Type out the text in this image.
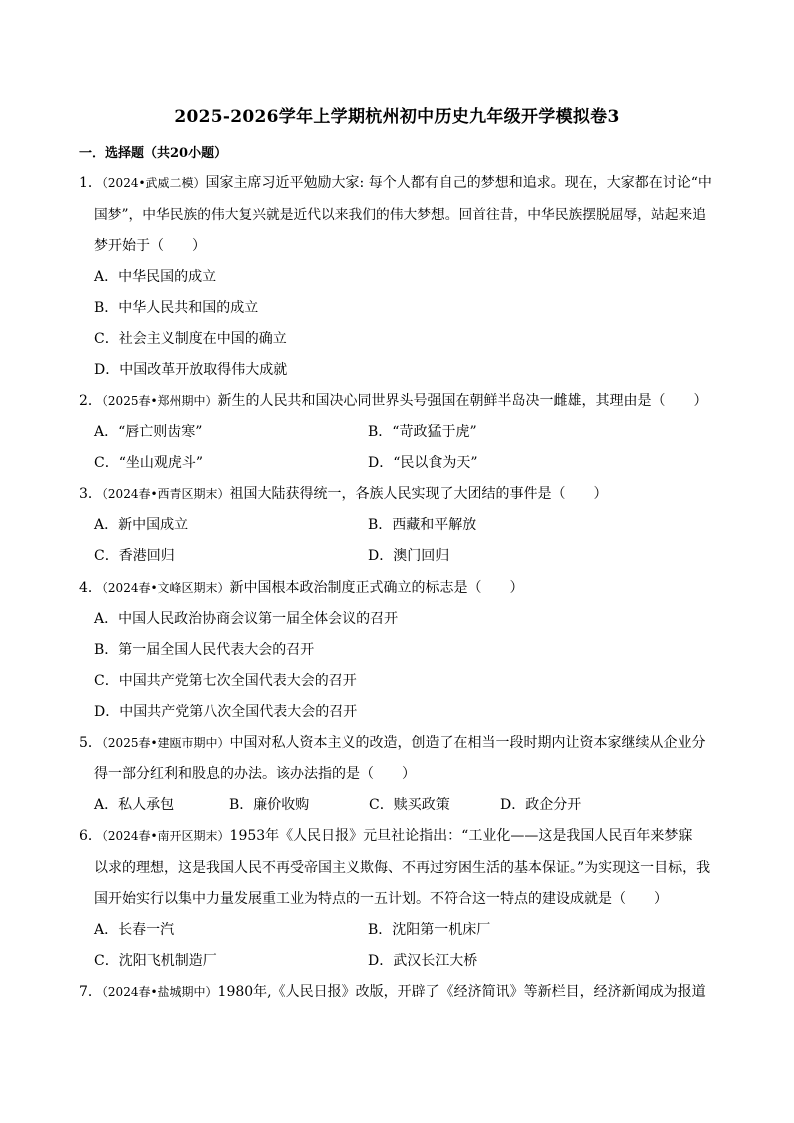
2025-2026学年上学期杭州初中历史九年级开学模拟卷3
一．选择题（共20小题）
1．（2024•武威二模）国家主席习近平勉励大家: 每个人都有自己的梦想和追求。现在，大家都在讨论“中
国梦”，中华民族的伟大复兴就是近代以来我们的伟大梦想。回首往昔，中华民族摆脱屈辱，站起来追
梦开始于（　　）
A．中华民国的成立
B．中华人民共和国的成立
C．社会主义制度在中国的确立
D．中国改革开放取得伟大成就
2．（2025春•郑州期中）新生的人民共和国决心同世界头号强国在朝鲜半岛决一雌雄，其理由是（　　）
A．“唇亡则齿寒”	B．“苛政猛于虎”
C．“坐山观虎斗”	D．“民以食为天”
3．（2024春•西青区期末）祖国大陆获得统一，各族人民实现了大团结的事件是（　　）
A．新中国成立	B．西藏和平解放
C．香港回归	D．澳门回归
4．（2024春•文峰区期末）新中国根本政治制度正式确立的标志是（　　）
A．中国人民政治协商会议第一届全体会议的召开
B．第一届全国人民代表大会的召开
C．中国共产党第七次全国代表大会的召开
D．中国共产党第八次全国代表大会的召开
5．（2025春•建瓯市期中）中国对私人资本主义的改造，创造了在相当一段时期内让资本家继续从企业分
得一部分红利和股息的办法。该办法指的是（　　）
A．私人承包	B．廉价收购	C．赎买政策	D．政企分开
6．（2024春•南开区期末）1953年《人民日报》元旦社论指出：“工业化——这是我国人民百年来梦寐
以求的理想，这是我国人民不再受帝国主义欺侮、不再过穷困生活的基本保证。”为实现这一目标，我
国开始实行以集中力量发展重工业为特点的一五计划。不符合这一特点的建设成就是（　　）
A．长春一汽	B．沈阳第一机床厂
C．沈阳飞机制造厂	D．武汉长江大桥
7．（2024春•盐城期中）1980年,《人民日报》改版，开辟了《经济简讯》等新栏目，经济新闻成为报道
